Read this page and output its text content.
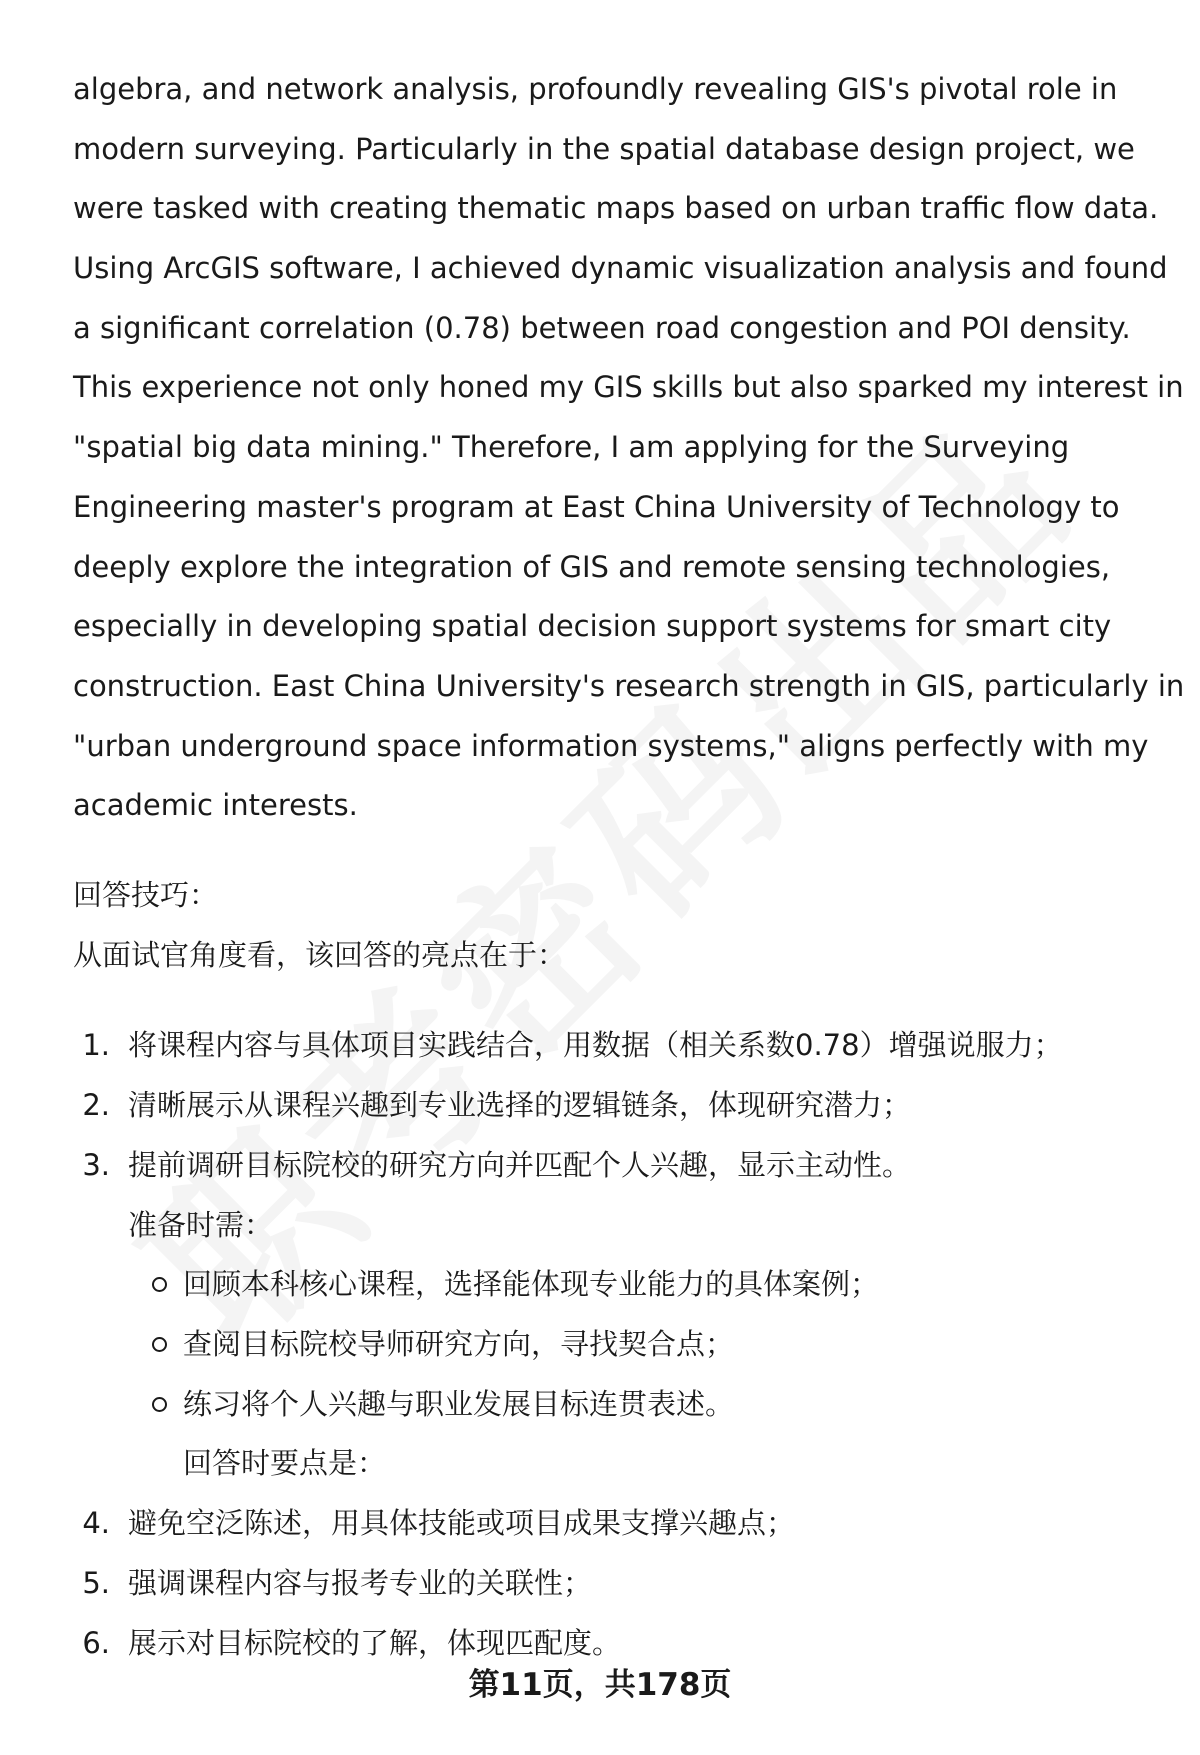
algebra, and network analysis, profoundly revealing GIS's pivotal role in
modern surveying. Particularly in the spatial database design project, we
were tasked with creating thematic maps based on urban traffic flow data.
Using ArcGIS software, I achieved dynamic visualization analysis and found
a significant correlation (0.78) between road congestion and POI density.
This experience not only honed my GIS skills but also sparked my interest in
"spatial big data mining." Therefore, I am applying for the Surveying
Engineering master's program at East China University of Technology to
deeply explore the integration of GIS and remote sensing technologies,
especially in developing spatial decision support systems for smart city
construction. East China University's research strength in GIS, particularly in
"urban underground space information systems," aligns perfectly with my
academic interests.
回答技巧：
从面试官角度看，该回答的亮点在于：
1. 将课程内容与具体项目实践结合，用数据（相关系数0.78）增强说服力；
2. 清晰展示从课程兴趣到专业选择的逻辑链条，体现研究潜力；
3. 提前调研目标院校的研究方向并匹配个人兴趣，显示主动性。
准备时需：
回顾本科核心课程，选择能体现专业能力的具体案例；
查阅目标院校导师研究方向，寻找契合点；
练习将个人兴趣与职业发展目标连贯表述。
回答时要点是：
4. 避免空泛陈述，用具体技能或项目成果支撑兴趣点；
5. 强调课程内容与报考专业的关联性；
6. 展示对目标院校的了解，体现匹配度。
第11页，共178页
